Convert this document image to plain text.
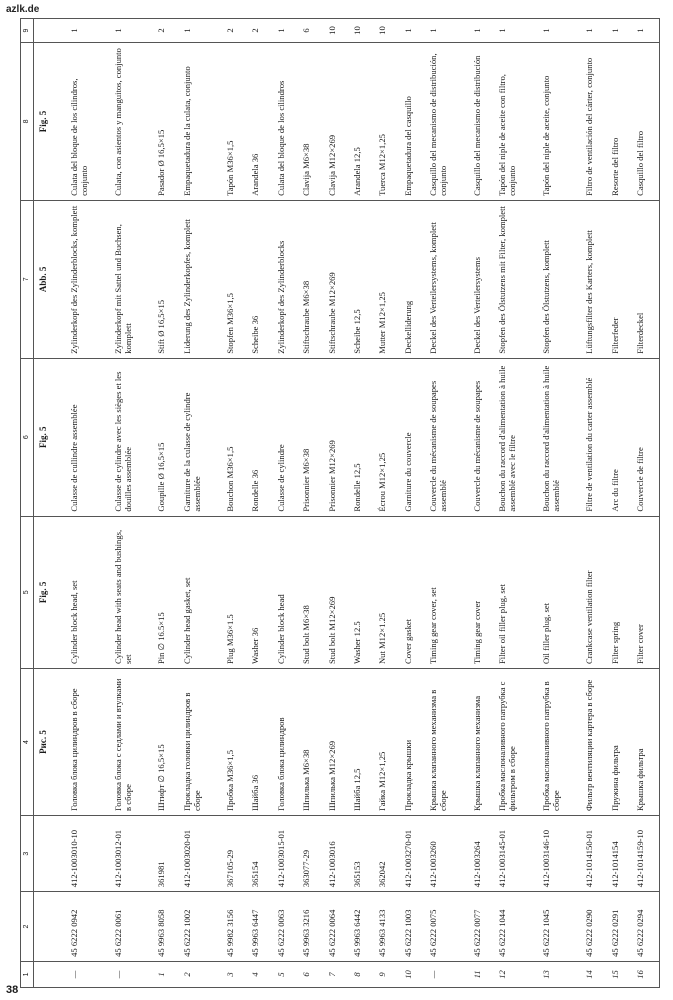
azlk.de
1	2	3	4	5	6	7	8	9
			Рис. 5	Fig. 5	Fig. 5	Abb. 5	Fig. 5	
—	45 6222 0942	412-1003010-10	Головка блока цилиндров в сборе	Cylinder block head, set	Culasse de cullindre assemblée	Zylinderkopf des Zylinderblocks, komplett	Culata del bloque de los cilindros, conjunto	1
—	45 6222 0061	412-1003012-01	Головка блока с седлами и втулками в сборе	Cylinder head with seats and bushings, set	Culasse de cylindre avec les sièges et les douilles assemblée	Zylinderkopf mit Sattel und Buchsen, komplett	Culata, con asientos y manguitos, conjunto	1
1	45 9963 8058	361981	Штифт ∅ 16,5×15	Pin ∅ 16.5×15	Goupille Ø 16,5×15	Stift Ø 16,5×15	Pasador Ø 16,5×15	2
2	45 6222 1002	412-1003020-01	Прокладка головки цилиндров в сборе	Cylinder head gasket, set	Garniture de la culasse de cylindre assemblée	Liderung des Zylinderkopfes, komplett	Empaquetadura de la culata, conjunto	1
3	45 9982 3156	367105-29	Пробка М36×1,5	Plug M36×1.5	Bouchon M36×1,5	Stopfen M36×1,5	Tapón M36×1,5	2
4	45 9963 6447	365154	Шайба 36	Washer 36	Rondelle 36	Scheibe 36	Arandela 36	2
5	45 6222 0063	412-1003015-01	Головка блока цилиндров	Cylinder block head	Culasse de cylindre	Zylinderkopf des Zylinderblocks	Culata del bloque de los cilindros	1
6	45 9963 3216	363077-29	Шпилька М6×38	Stud bolt M6×38	Prisonnier M6×38	Stiftschraube M6×38	Clavija M6×38	6
7	45 6222 0064	412-1003016	Шпилька М12×269	Stud bolt M12×269	Prisonnier M12×269	Stiftschraube M12×269	Clavija M12×269	10
8	45 9963 6442	365153	Шайба 12,5	Washer 12.5	Rondelle 12,5	Scheibe 12,5	Arandela 12,5	10
9	45 9963 4133	362042	Гайка М12×1,25	Nut M12×1.25	Écrou M12×1,25	Mutter M12×1,25	Tuerca M12×1,25	10
10	45 6222 1003	412-1003270-01	Прокладка крышки	Cover gasket	Garniture du couvercle	Deckelliderung	Empaquetadura del casquillo	1
—	45 6222 0075	412-1003260	Крышка клапанного механизма в сборе	Timing gear cover, set	Couvercle du mécanisme de soupapes assemblé	Deckel des Verteilersystems, komplett	Casquillo del mecanismo de distribución, conjunto	1
11	45 6222 0077	412-1003264	Крышка клапанного механизма	Timing gear cover	Couvercle du mécanisme de soupapes	Deckel des Verteilersystems	Casquillo del mecanismo de distribución	1
12	45 6222 1044	412-1003145-01	Пробка маслоналивного патрубка с фильтром в сборе	Filter oil filler plug, set	Bouchon du raccord d'alimentation à huile assemblé avec le filtre	Stopfen des Ölstutzens mit Filter, komplett	Tapón del niple de aceite con filtro, conjunto	1
13	45 6222 1045	412-1003146-10	Пробка маслоналивного патрубка в сборе	Oil filler plug, set	Bouchon du raccord d'alimentation à huile assemblé	Stopfen des Ölstutzens, komplett	Tapón del niple de aceite, conjunto	1
14	45 6222 0290	412-1014150-01	Фильтр вентиляции картера в сборе	Crankcase ventilation filter	Filtre de ventilation du carter assemblé	Lüftungsfilter des Karters, komplett	Filtro de ventilación del cárter, conjunto	1
15	45 6222 0291	412-1014154	Пружина фильтра	Filter spring	Arc du filtre	Filterfeder	Resorte del filtro	1
16	45 6222 0294	412-1014159-10	Крышка фильтра	Filter cover	Couvercle de filtre	Filterdeckel	Casquillo del filtro	1
38
